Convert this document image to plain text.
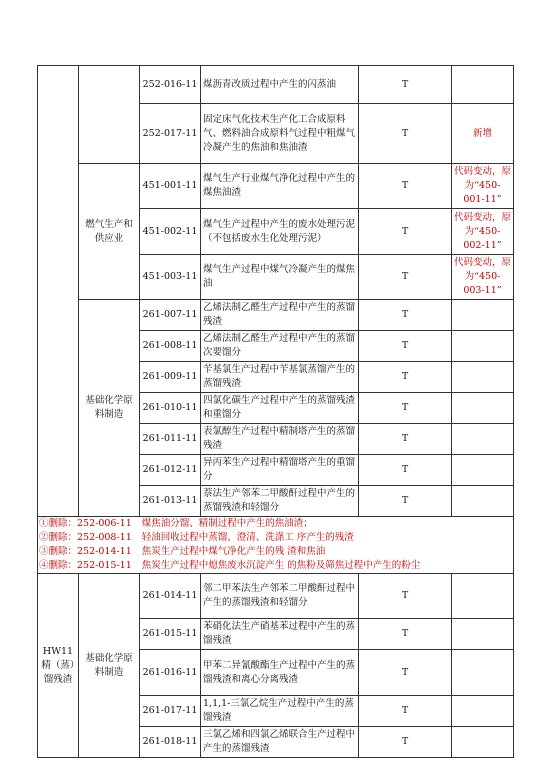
		252-016-11	煤沥青改质过程中产生的闪蒸油	T	
		252-017-11	固定床气化技术生产化工合成原料气、燃料油合成原料气过程中粗煤气冷凝产生的焦油和焦油渣	T	新增
	燃气生产和供应业	451-001-11	煤气生产行业煤气净化过程中产生的煤焦油渣	T	代码变动，原为“450-001-11”
		451-002-11	煤气生产过程中产生的废水处理污泥（不包括废水生化处理污泥）	T	代码变动，原为“450-002-11”
		451-003-11	煤气生产过程中煤气冷凝产生的煤焦油	T	代码变动，原为“450-003-11”
	基础化学原料制造	261-007-11	乙烯法制乙醛生产过程中产生的蒸馏残渣	T	
		261-008-11	乙烯法制乙醛生产过程中产生的蒸馏次要馏分	T	
		261-009-11	苄基氯生产过程中苄基氯蒸馏产生的蒸馏残渣	T	
		261-010-11	四氯化碳生产过程中产生的蒸馏残渣和重馏分	T	
		261-011-11	表氯醇生产过程中精制塔产生的蒸馏残渣	T	
		261-012-11	异丙苯生产过程中精馏塔产生的重馏分	T	
		261-013-11	萘法生产邻苯二甲酸酐过程中产生的蒸馏残渣和轻馏分	T	

①删除：252-006-11 煤焦油分馏、精制过程中产生的焦油渣；
②删除：252-008-11 轻油回收过程中蒸馏、澄清、洗涤工 序产生的残渣
③删除：252-014-11 焦炭生产过程中煤气净化产生的残 渣和焦油
④删除：252-015-11 焦炭生产过程中熄焦废水沉淀产生 的焦粉及筛焦过程中产生的粉尘					

HW11 精（蒸）馏残渣	基础化学原料制造	261-014-11	邻二甲苯法生产邻苯二甲酸酐过程中产生的蒸馏残渣和轻馏分	T	
		261-015-11	苯硝化法生产硝基苯过程中产生的蒸馏残渣	T	
		261-016-11	甲苯二异氰酸酯生产过程中产生的蒸馏残渣和离心分离残渣	T	
		261-017-11	1,1,1-三氯乙烷生产过程中产生的蒸馏残渣	T	
		261-018-11	三氯乙烯和四氯乙烯联合生产过程中产生的蒸馏残渣	T	
